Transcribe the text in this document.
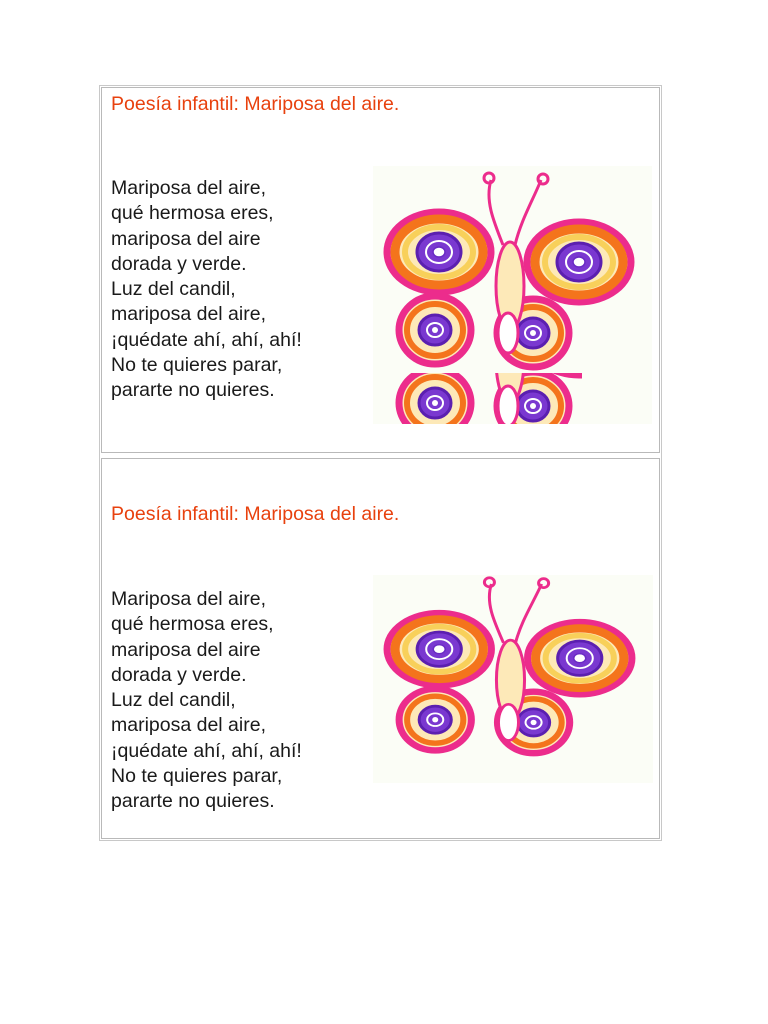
Poesía infantil: Mariposa del aire.
Mariposa del aire,
qué hermosa eres,
mariposa del aire
dorada y verde.
Luz del candil,
mariposa del aire,
¡quédate ahí, ahí, ahí!
No te quieres parar,
pararte no quieres.
Poesía infantil: Mariposa del aire.
Mariposa del aire,
qué hermosa eres,
mariposa del aire
dorada y verde.
Luz del candil,
mariposa del aire,
¡quédate ahí, ahí, ahí!
No te quieres parar,
pararte no quieres.
